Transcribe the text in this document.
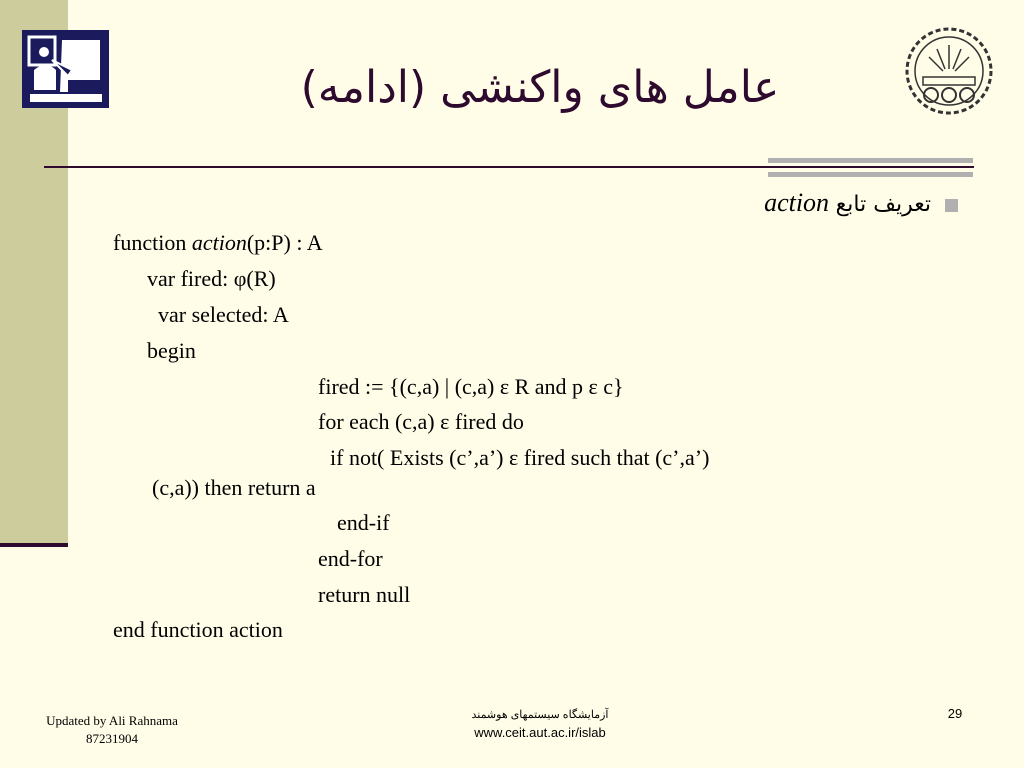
عامل های واکنشی (ادامه)
تعریف تابع action
function action(p:P) : A
var fired: φ(R)
var selected: A
begin
fired := {(c,a) | (c,a) ε R and p ε c}
for each (c,a) ε fired do
if not( Exists (c’,a’) ε fired such that (c’,a’)
(c,a)) then return a
end-if
end-for
return null
end function action
Updated by Ali Rahnama
87231904
آزمایشگاه سیستمهای هوشمند
www.ceit.aut.ac.ir/islab
29
